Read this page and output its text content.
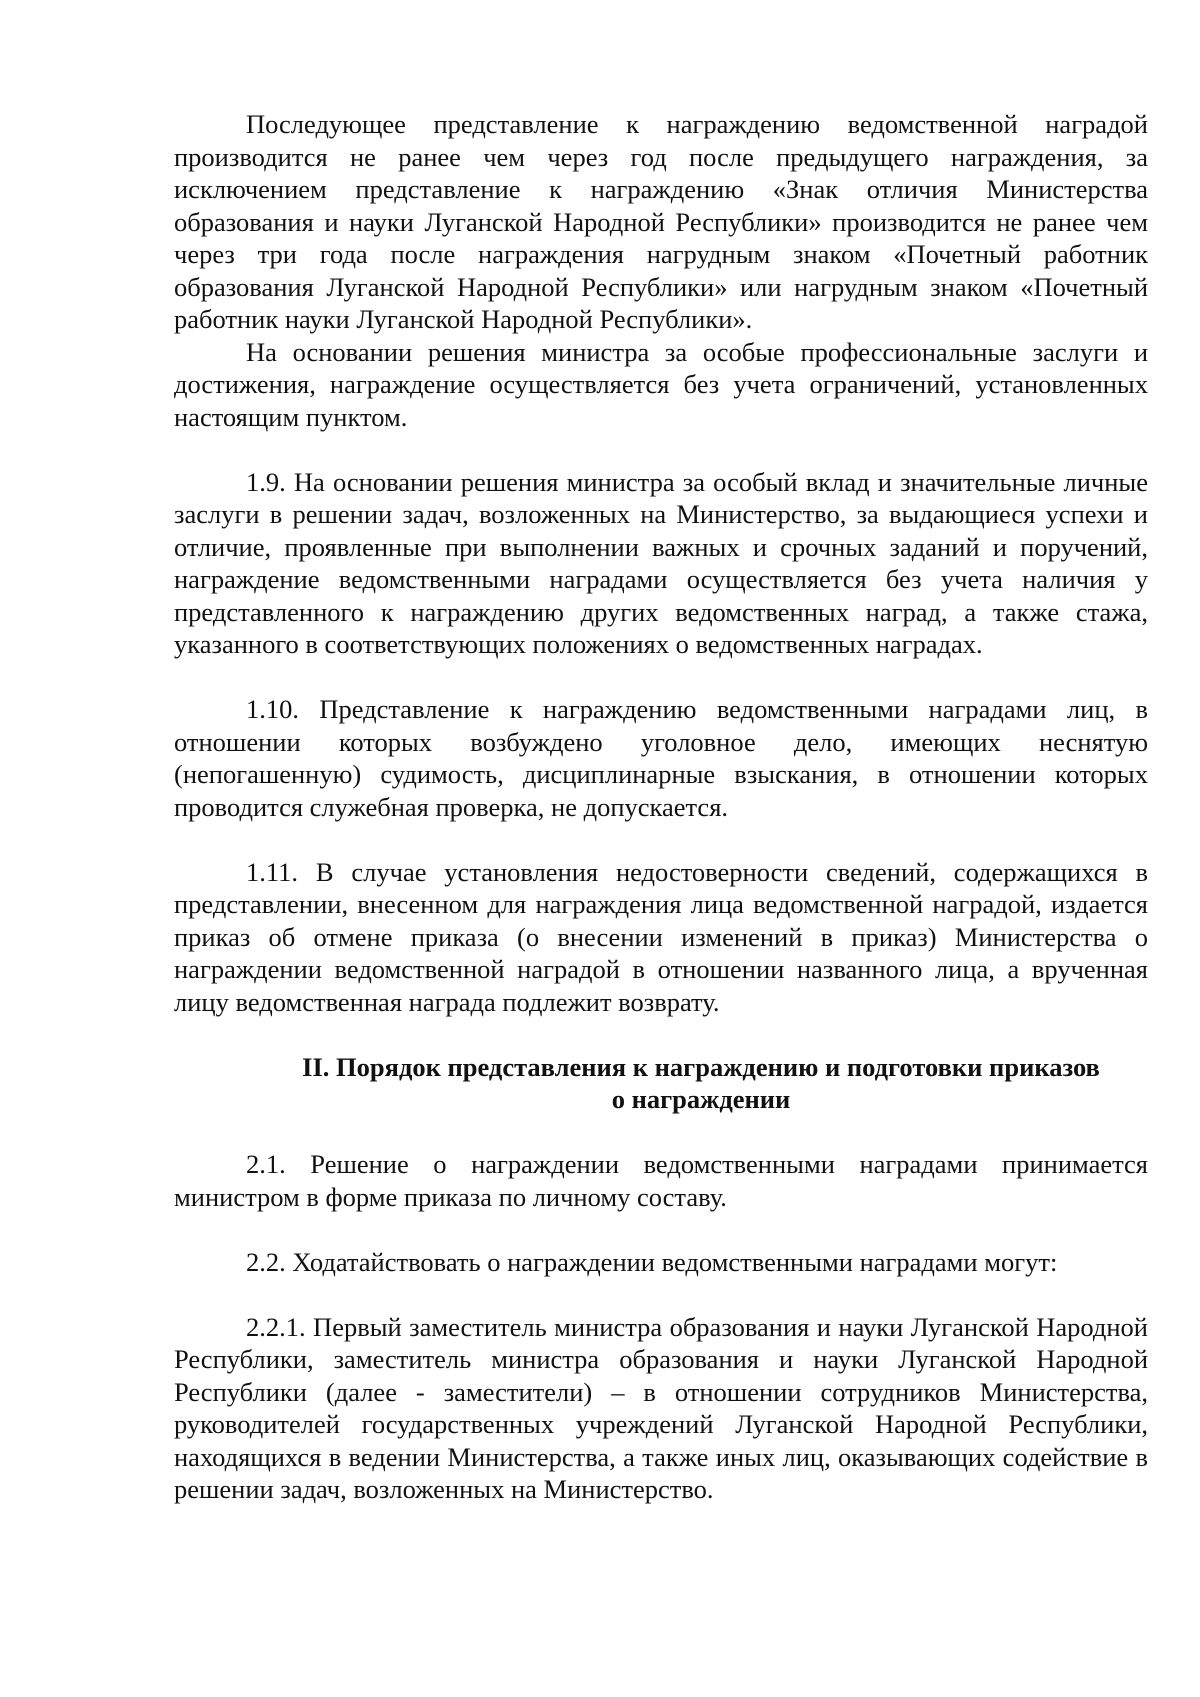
Последующее представление к награждению ведомственной наградой производится не ранее чем через год после предыдущего награждения, за исключением представление к награждению «Знак отличия Министерства образования и науки Луганской Народной Республики» производится не ранее чем через три года после награждения нагрудным знаком «Почетный работник образования Луганской Народной Республики» или нагрудным знаком «Почетный работник науки Луганской Народной Республики».

На основании решения министра за особые профессиональные заслуги и достижения, награждение осуществляется без учета ограничений, установленных настоящим пунктом.

1.9. На основании решения министра за особый вклад и значительные личные заслуги в решении задач, возложенных на Министерство, за выдающиеся успехи и отличие, проявленные при выполнении важных и срочных заданий и поручений, награждение ведомственными наградами осуществляется без учета наличия у представленного к награждению других ведомственных наград, а также стажа, указанного в соответствующих положениях о ведомственных наградах.

1.10. Представление к награждению ведомственными наградами лиц, в отношении которых возбуждено уголовное дело, имеющих неснятую (непогашенную) судимость, дисциплинарные взыскания, в отношении которых проводится служебная проверка, не допускается.

1.11. В случае установления недостоверности сведений, содержащихся в представлении, внесенном для награждения лица ведомственной наградой, издается приказ об отмене приказа (о внесении изменений в приказ) Министерства о награждении ведомственной наградой в отношении названного лица, а врученная лицу ведомственная награда подлежит возврату.

II. Порядок представления к награждению и подготовки приказов
о награждении

2.1. Решение о награждении ведомственными наградами принимается министром в форме приказа по личному составу.

2.2. Ходатайствовать о награждении ведомственными наградами могут:

2.2.1. Первый заместитель министра образования и науки Луганской Народной Республики, заместитель министра образования и науки Луганской Народной Республики (далее - заместители) – в отношении сотрудников Министерства, руководителей государственных учреждений Луганской Народной Республики, находящихся в ведении Министерства, а также иных лиц, оказывающих содействие в решении задач, возложенных на Министерство.
